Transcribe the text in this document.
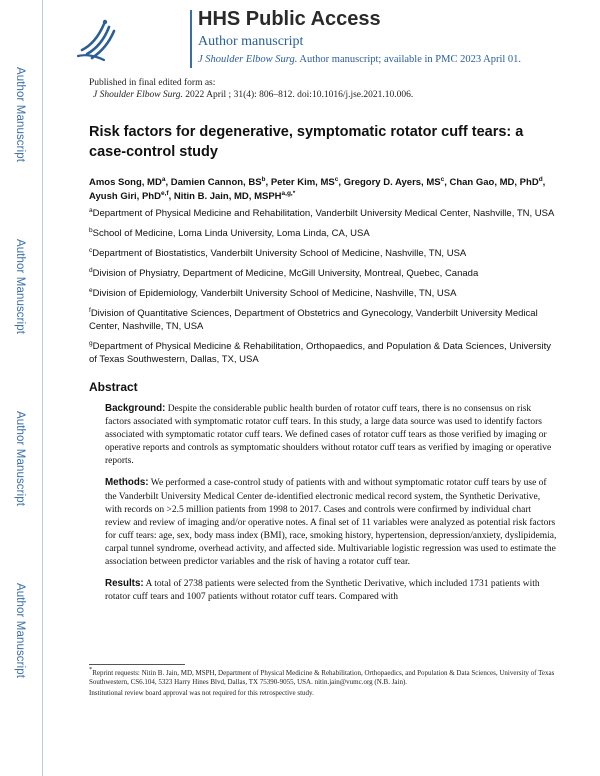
Author Manuscript
Author Manuscript
Author Manuscript
Author Manuscript
HHS Public Access
Author manuscript
J Shoulder Elbow Surg. Author manuscript; available in PMC 2023 April 01.
Published in final edited form as:
J Shoulder Elbow Surg. 2022 April ; 31(4): 806–812. doi:10.1016/j.jse.2021.10.006.
Risk factors for degenerative, symptomatic rotator cuff tears: a case-control study
Amos Song, $MD^a$, Damien Cannon, $BS^b$, Peter Kim, $MS^c$, Gregory D. Ayers, $MS^c$, Chan Gao, MD, PhD$^d$, Ayush Giri, PhD$^{e,f}$, Nitin B. Jain, MD, $MSPH^{a,g,*}$
$^a$Department of Physical Medicine and Rehabilitation, Vanderbilt University Medical Center, Nashville, TN, USA
$^b$School of Medicine, Loma Linda University, Loma Linda, CA, USA
$^c$Department of Biostatistics, Vanderbilt University School of Medicine, Nashville, TN, USA
$^d$Division of Physiatry, Department of Medicine, McGill University, Montreal, Quebec, Canada
$^e$Division of Epidemiology, Vanderbilt University School of Medicine, Nashville, TN, USA
$^f$Division of Quantitative Sciences, Department of Obstetrics and Gynecology, Vanderbilt University Medical Center, Nashville, TN, USA
$^g$Department of Physical Medicine & Rehabilitation, Orthopaedics, and Population & Data Sciences, University of Texas Southwestern, Dallas, TX, USA
Abstract

Background: Despite the considerable public health burden of rotator cuff tears, there is no consensus on risk factors associated with symptomatic rotator cuff tears. In this study, a large data source was used to identify factors associated with symptomatic rotator cuff tears. We defined cases of rotator cuff tears as those verified by imaging or operative reports and controls as symptomatic shoulders without rotator cuff tears as verified by imaging or operative reports.

Methods: We performed a case-control study of patients with and without symptomatic rotator cuff tears by use of the Vanderbilt University Medical Center de-identified electronic medical record system, the Synthetic Derivative, with records on >2.5 million patients from 1998 to 2017. Cases and controls were confirmed by individual chart review and review of imaging and/or operative notes. A final set of 11 variables were analyzed as potential risk factors for cuff tears: age, sex, body mass index (BMI), race, smoking history, hypertension, depression/anxiety, dyslipidemia, carpal tunnel syndrome, overhead activity, and affected side. Multivariable logistic regression was used to estimate the association between predictor variables and the risk of having a rotator cuff tear.

Results: A total of 2738 patients were selected from the Synthetic Derivative, which included 1731 patients with rotator cuff tears and 1007 patients without rotator cuff tears. Compared with

*Reprint requests: Nitin B. Jain, MD, MSPH, Department of Physical Medicine & Rehabilitation, Orthopaedics, and Population & Data Sciences, University of Texas Southwestern, CS6.104, 5323 Harry Hines Blvd, Dallas, TX 75390-9055, USA. nitin.jain@vumc.org (N.B. Jain).
Institutional review board approval was not required for this retrospective study.
